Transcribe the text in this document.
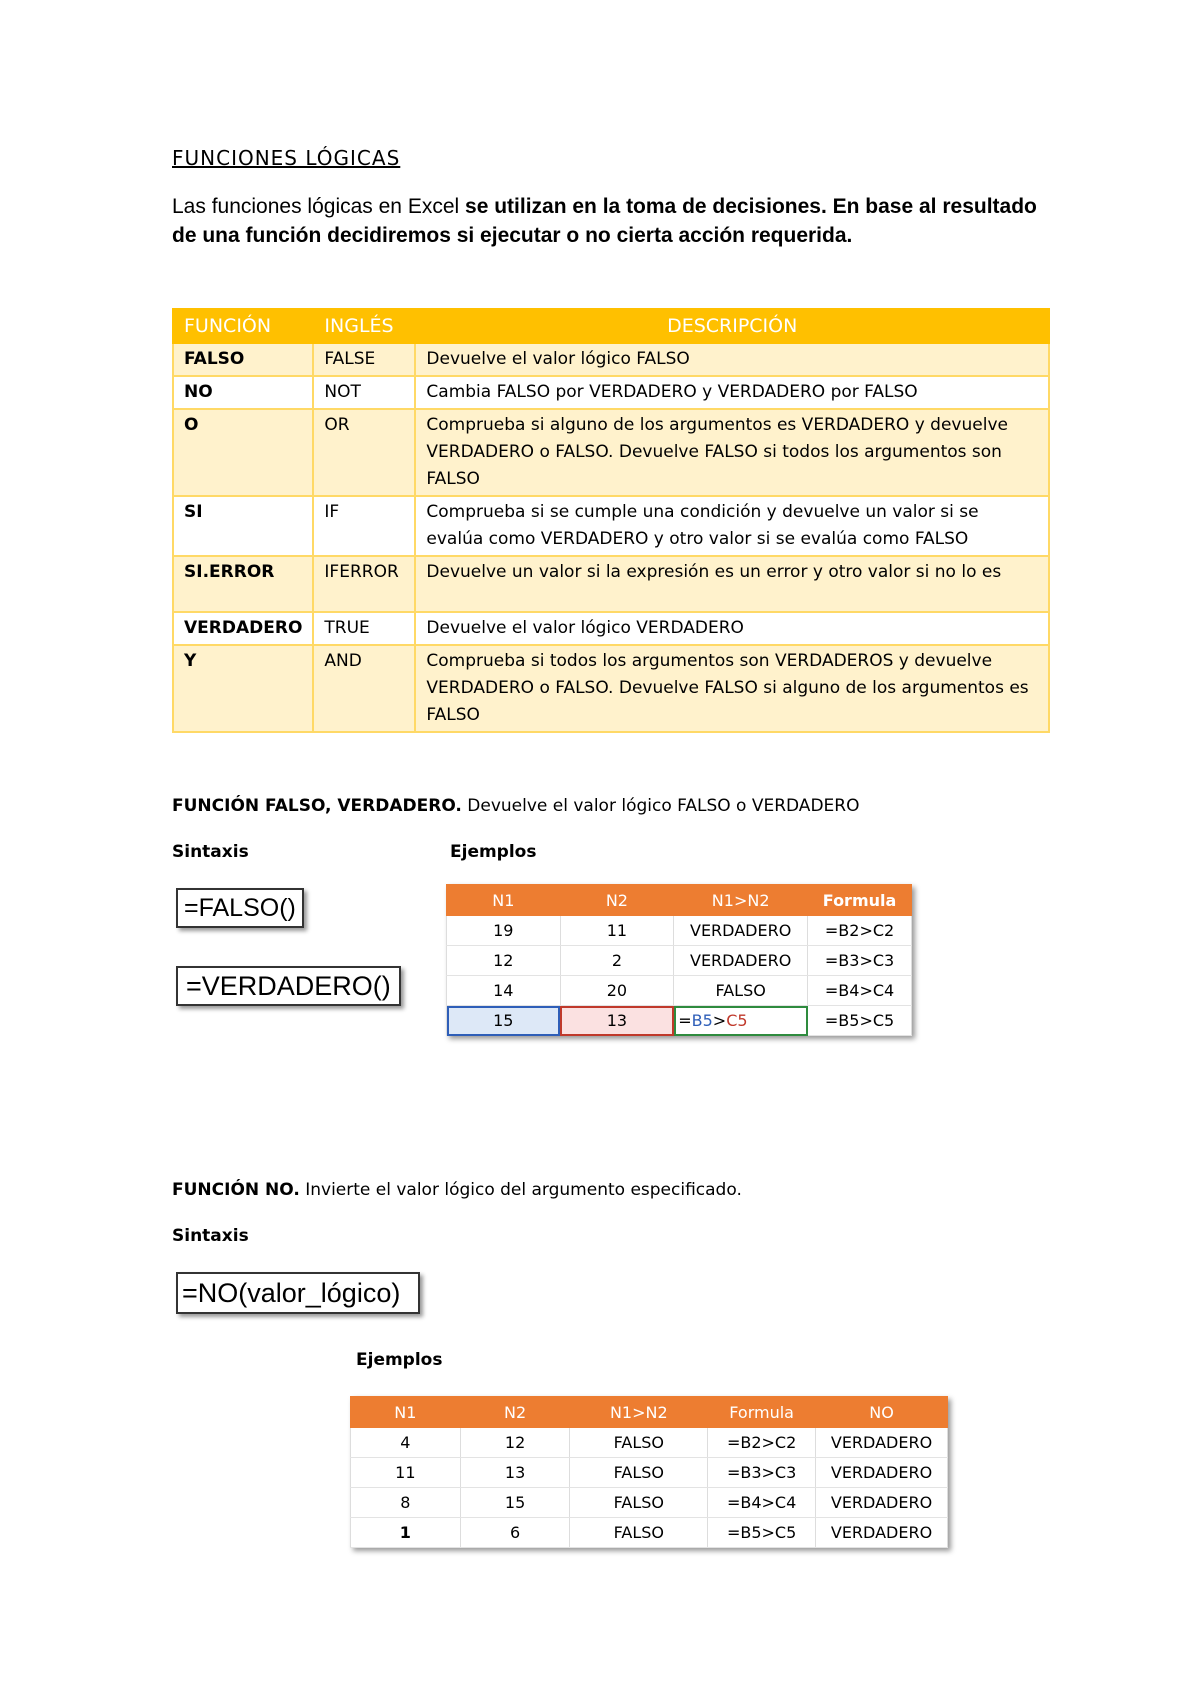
FUNCIONES LÓGICAS
Las funciones lógicas en Excel se utilizan en la toma de decisiones. En base al resultado de una función decidiremos si ejecutar o no cierta acción requerida.
FUNCIÓN	INGLÉS	DESCRIPCIÓN
FALSO	FALSE	Devuelve el valor lógico FALSO
NO	NOT	Cambia FALSO por VERDADERO y VERDADERO por FALSO
O	OR	Comprueba si alguno de los argumentos es VERDADERO y devuelve VERDADERO o FALSO. Devuelve FALSO si todos los argumentos son FALSO
SI	IF	Comprueba si se cumple una condición y devuelve un valor si se evalúa como VERDADERO y otro valor si se evalúa como FALSO
SI.ERROR	IFERROR	Devuelve un valor si la expresión es un error y otro valor si no lo es
VERDADERO	TRUE	Devuelve el valor lógico VERDADERO
Y	AND	Comprueba si todos los argumentos son VERDADEROS y devuelve VERDADERO o FALSO. Devuelve FALSO si alguno de los argumentos es FALSO
FUNCIÓN FALSO, VERDADERO. Devuelve el valor lógico FALSO o VERDADERO
Sintaxis	Ejemplos
=FALSO()
=VERDADERO()
N1	N2	N1>N2	Formula
19	11	VERDADERO	=B2>C2
12	2	VERDADERO	=B3>C3
14	20	FALSO	=B4>C4
15	13	=B5>C5	=B5>C5
FUNCIÓN NO. Invierte el valor lógico del argumento especificado.
Sintaxis
=NO(valor_lógico)
Ejemplos
N1	N2	N1>N2	Formula	NO
4	12	FALSO	=B2>C2	VERDADERO
11	13	FALSO	=B3>C3	VERDADERO
8	15	FALSO	=B4>C4	VERDADERO
1	6	FALSO	=B5>C5	VERDADERO
